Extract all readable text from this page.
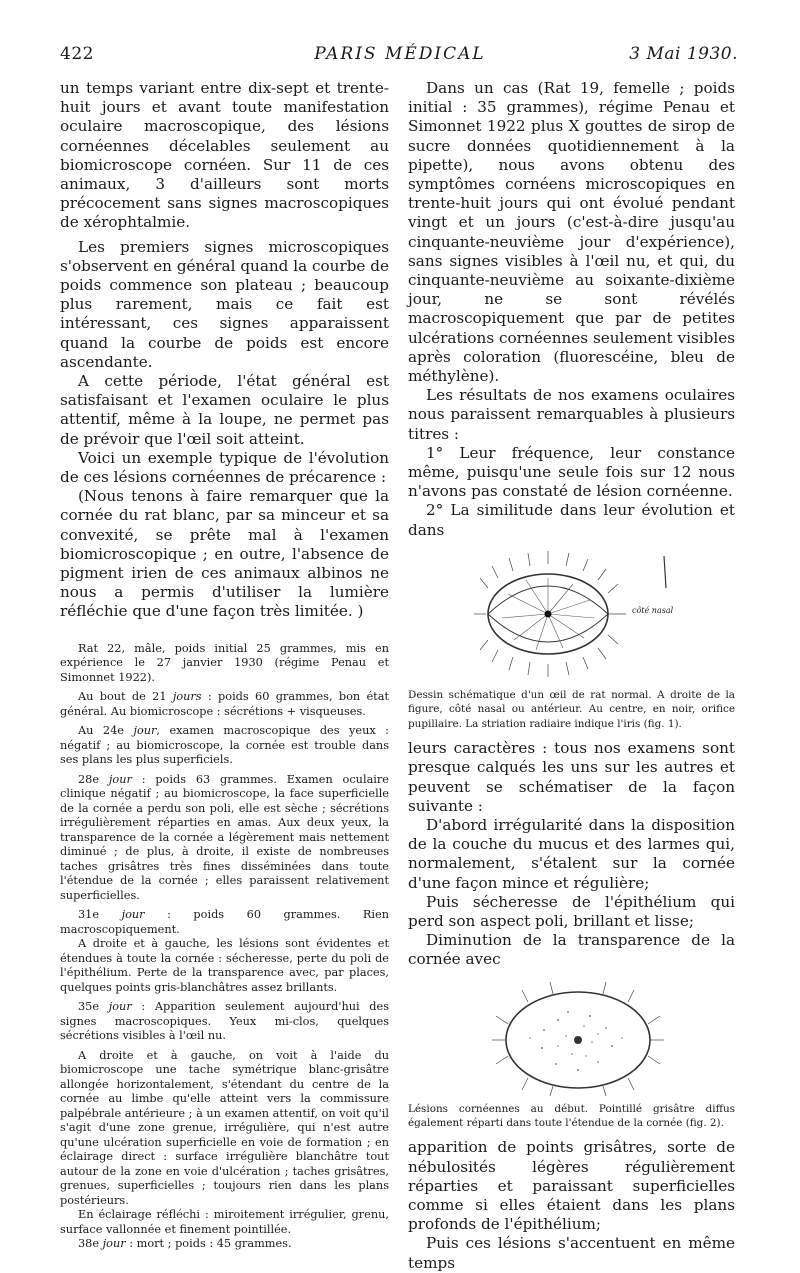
422	PARIS MÉDICAL	3 Mai 1930.

un temps variant entre dix-sept et trente-huit jours et avant toute manifestation oculaire macroscopique, des lésions cornéennes décelables seulement au biomicroscope cornéen. Sur 11 de ces animaux, 3 d'ailleurs sont morts précocement sans signes macroscopiques de xérophtalmie.

Les premiers signes microscopiques s'observent en général quand la courbe de poids commence son plateau ; beaucoup plus rarement, mais ce fait est intéressant, ces signes apparaissent quand la courbe de poids est encore ascendante.

A cette période, l'état général est satisfaisant et l'examen oculaire le plus attentif, même à la loupe, ne permet pas de prévoir que l'œil soit atteint.

Voici un exemple typique de l'évolution de ces lésions cornéennes de précarence :

(Nous tenons à faire remarquer que la cornée du rat blanc, par sa minceur et sa convexité, se prête mal à l'examen biomicroscopique ; en outre, l'absence de pigment irien de ces animaux albinos ne nous a permis d'utiliser la lumière réfléchie que d'une façon très limitée. )

Rat 22, mâle, poids initial 25 grammes, mis en expérience le 27 janvier 1930 (régime Penau et Simonnet 1922).

Au bout de 21 jours : poids 60 grammes, bon état général. Au biomicroscope : sécrétions + visqueuses.

Au 24e jour, examen macroscopique des yeux : négatif ; au biomicroscope, la cornée est trouble dans ses plans les plus superficiels.

28e jour : poids 63 grammes. Examen oculaire clinique négatif ; au biomicroscope, la face superficielle de la cornée a perdu son poli, elle est sèche ; sécrétions irrégulièrement réparties en amas. Aux deux yeux, la transparence de la cornée a légèrement mais nettement diminué ; de plus, à droite, il existe de nombreuses taches grisâtres très fines disséminées dans toute l'étendue de la cornée ; elles paraissent relativement superficielles.

31e jour : poids 60 grammes. Rien macroscopiquement.

A droite et à gauche, les lésions sont évidentes et étendues à toute la cornée : sécheresse, perte du poli de l'épithélium. Perte de la transparence avec, par places, quelques points gris-blanchâtres assez brillants.

35e jour : Apparition seulement aujourd'hui des signes macroscopiques. Yeux mi-clos, quelques sécrétions visibles à l'œil nu.

A droite et à gauche, on voit à l'aide du biomicroscope une tache symétrique blanc-grisâtre allongée horizontalement, s'étendant du centre de la cornée au limbe qu'elle atteint vers la commissure palpébrale antérieure ; à un examen attentif, on voit qu'il s'agit d'une zone grenue, irrégulière, qui n'est autre qu'une ulcération superficielle en voie de formation ; en éclairage direct : surface irrégulière blanchâtre tout autour de la zone en voie d'ulcération ; taches grisâtres, grenues, superficielles ; toujours rien dans les plans postérieurs.

En éclairage réfléchi : miroitement irrégulier, grenu, surface vallonnée et finement pointillée.

38e jour : mort ; poids : 45 grammes.

Dans un cas (Rat 19, femelle ; poids initial : 35 grammes), régime Penau et Simonnet 1922 plus X gouttes de sirop de sucre données quotidiennement à la pipette), nous avons obtenu des symptômes cornéens microscopiques en trente-huit jours qui ont évolué pendant vingt et un jours (c'est-à-dire jusqu'au cinquante-neuvième jour d'expérience), sans signes visibles à l'œil nu, et qui, du cinquante-neuvième au soixante-dixième jour, ne se sont révélés macroscopiquement que par de petites ulcérations cornéennes seulement visibles après coloration (fluorescéine, bleu de méthylène).

Les résultats de nos examens oculaires nous paraissent remarquables à plusieurs titres :

1° Leur fréquence, leur constance même, puisqu'une seule fois sur 12 nous n'avons pas constaté de lésion cornéenne.

2° La similitude dans leur évolution et dans

côté nasal

Dessin schématique d'un œil de rat normal. A droite de la figure, côté nasal ou antérieur. Au centre, en noir, orifice pupillaire. La striation radiaire indique l'iris (fig. 1).

leurs caractères : tous nos examens sont presque calqués les uns sur les autres et peuvent se schématiser de la façon suivante :

D'abord irrégularité dans la disposition de la couche du mucus et des larmes qui, normalement, s'étalent sur la cornée d'une façon mince et régulière;

Puis sécheresse de l'épithélium qui perd son aspect poli, brillant et lisse;

Diminution de la transparence de la cornée avec

Lésions cornéennes au début. Pointillé grisâtre diffus également réparti dans toute l'étendue de la cornée (fig. 2).

apparition de points grisâtres, sorte de nébulosités légères régulièrement réparties et paraissant superficielles comme si elles étaient dans les plans profonds de l'épithélium;

Puis ces lésions s'accentuent en même temps
